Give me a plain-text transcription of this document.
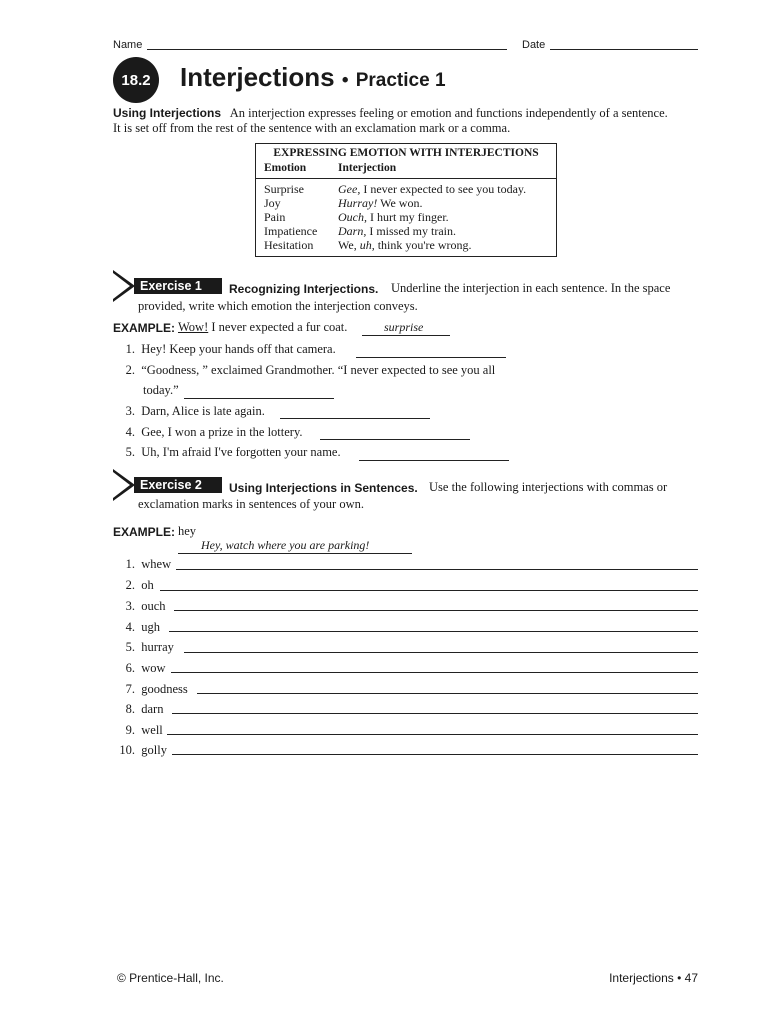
Name	Date
18.2	Interjections • Practice 1
Using Interjections An interjection expresses feeling or emotion and functions independently of a sentence. It is set off from the rest of the sentence with an exclamation mark or a comma.
EXPRESSING EMOTION WITH INTERJECTIONS
Emotion	Interjection
Surprise	Gee, I never expected to see you today.
Joy	Hurray! We won.
Pain	Ouch, I hurt my finger.
Impatience Darn, I missed my train.
Hesitation We, uh, think you're wrong.
Exercise 1	Recognizing Interjections. Underline the interjection in each sentence. In the space
provided, write which emotion the interjection conveys.
EXAMPLE: Wow! I never expected a fur coat.	surprise
1. Hey! Keep your hands off that camera.
2. “Goodness, ” exclaimed Grandmother. “I never expected to see you all
today.”
3. Darn, Alice is late again.
4. Gee, I won a prize in the lottery.
5. Uh, I'm afraid I've forgotten your name.
Exercise 2	Using Interjections in Sentences. Use the following interjections with commas or
exclamation marks in sentences of your own.
EXAMPLE: hey
Hey, watch where you are parking!
1. whew
2. oh
3. ouch
4. ugh
5. hurray
6. wow
7. goodness
8. darn
9. well
10. golly
© Prentice-Hall, Inc.	Interjections • 47
